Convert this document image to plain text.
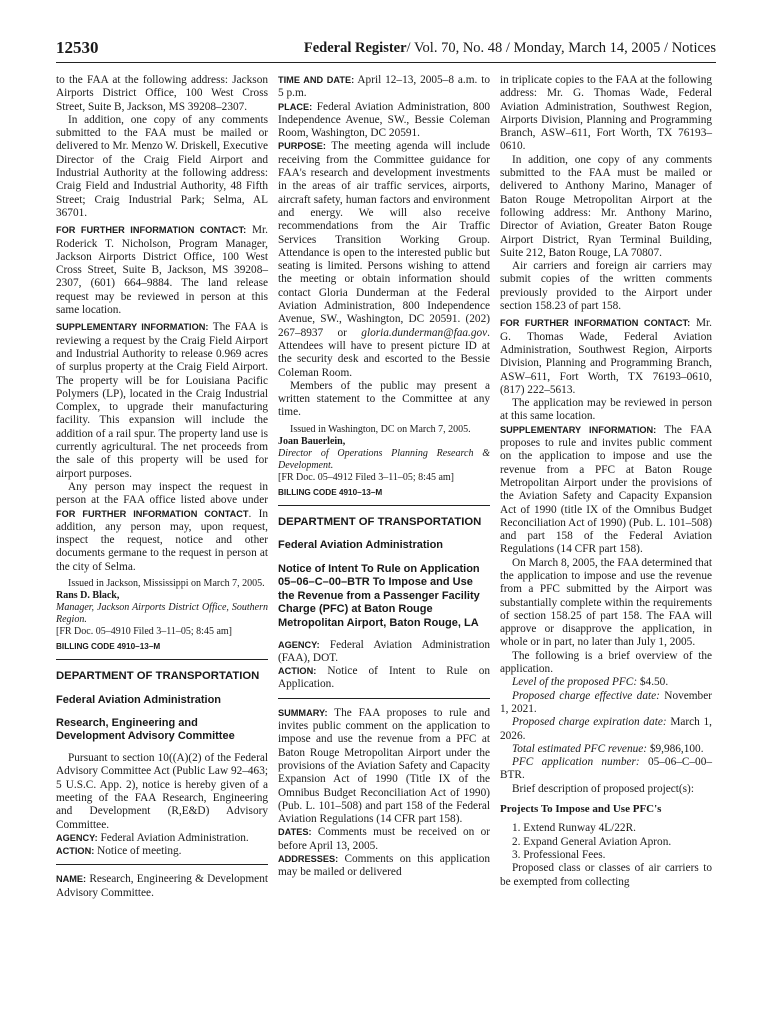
12530	Federal Register/ Vol. 70, No. 48 / Monday, March 14, 2005 / Notices

to the FAA at the following address: Jackson Airports District Office, 100 West Cross Street, Suite B, Jackson, MS 39208–2307.

In addition, one copy of any comments submitted to the FAA must be mailed or delivered to Mr. Menzo W. Driskell, Executive Director of the Craig Field Airport and Industrial Authority at the following address: Craig Field and Industrial Authority, 48 Fifth Street; Craig Industrial Park; Selma, AL 36701.

FOR FURTHER INFORMATION CONTACT: Mr. Roderick T. Nicholson, Program Manager, Jackson Airports District Office, 100 West Cross Street, Suite B, Jackson, MS 39208–2307, (601) 664–9884. The land release request may be reviewed in person at this same location.

SUPPLEMENTARY INFORMATION: The FAA is reviewing a request by the Craig Field Airport and Industrial Authority to release 0.969 acres of surplus property at the Craig Field Airport. The property will be for Louisiana Pacific Polymers (LP), located in the Craig Industrial Complex, to upgrade their manufacturing facility. This expansion will include the addition of a rail spur. The property land use is currently agricultural. The net proceeds from the sale of this property will be used for airport purposes.

Any person may inspect the request in person at the FAA office listed above under FOR FURTHER INFORMATION CONTACT. In addition, any person may, upon request, inspect the request, notice and other documents germane to the request in person at the city of Selma.

Issued in Jackson, Mississippi on March 7, 2005.

Rans D. Black,

Manager, Jackson Airports District Office, Southern Region.

[FR Doc. 05–4910 Filed 3–11–05; 8:45 am]

BILLING CODE 4910–13–M

DEPARTMENT OF TRANSPORTATION

Federal Aviation Administration

Research, Engineering and Development Advisory Committee

Pursuant to section 10((A)(2) of the Federal Advisory Committee Act (Public Law 92–463; 5 U.S.C. App. 2), notice is hereby given of a meeting of the FAA Research, Engineering and Development (R,E&D) Advisory Committee.

AGENCY: Federal Aviation Administration.

ACTION: Notice of meeting.

NAME: Research, Engineering & Development Advisory Committee.

TIME AND DATE: April 12–13, 2005–8 a.m. to 5 p.m.

PLACE: Federal Aviation Administration, 800 Independence Avenue, SW., Bessie Coleman Room, Washington, DC 20591.

PURPOSE: The meeting agenda will include receiving from the Committee guidance for FAA's research and development investments in the areas of air traffic services, airports, aircraft safety, human factors and environment and energy. We will also receive recommendations from the Air Traffic Services Transition Working Group. Attendance is open to the interested public but seating is limited. Persons wishing to attend the meeting or obtain information should contact Gloria Dunderman at the Federal Aviation Administration, 800 Independence Avenue, SW., Washington, DC 20591. (202) 267–8937 or gloria.dunderman@faa.gov. Attendees will have to present picture ID at the security desk and escorted to the Bessie Coleman Room.

Members of the public may present a written statement to the Committee at any time.

Issued in Washington, DC on March 7, 2005.

Joan Bauerlein,

Director of Operations Planning Research & Development.

[FR Doc. 05–4912 Filed 3–11–05; 8:45 am]

BILLING CODE 4910–13–M

DEPARTMENT OF TRANSPORTATION

Federal Aviation Administration

Notice of Intent To Rule on Application 05–06–C–00–BTR To Impose and Use the Revenue from a Passenger Facility Charge (PFC) at Baton Rouge Metropolitan Airport, Baton Rouge, LA

AGENCY: Federal Aviation Administration (FAA), DOT.

ACTION: Notice of Intent to Rule on Application.

SUMMARY: The FAA proposes to rule and invites public comment on the application to impose and use the revenue from a PFC at Baton Rouge Metropolitan Airport under the provisions of the Aviation Safety and Capacity Expansion Act of 1990 (Title IX of the Omnibus Budget Reconciliation Act of 1990) (Pub. L. 101–508) and part 158 of the Federal Aviation Regulations (14 CFR part 158).

DATES: Comments must be received on or before April 13, 2005.

ADDRESSES: Comments on this application may be mailed or delivered

in triplicate copies to the FAA at the following address: Mr. G. Thomas Wade, Federal Aviation Administration, Southwest Region, Airports Division, Planning and Programming Branch, ASW–611, Fort Worth, TX 76193–0610.

In addition, one copy of any comments submitted to the FAA must be mailed or delivered to Anthony Marino, Manager of Baton Rouge Metropolitan Airport at the following address: Mr. Anthony Marino, Director of Aviation, Greater Baton Rouge Airport District, Ryan Terminal Building, Suite 212, Baton Rouge, LA 70807.

Air carriers and foreign air carriers may submit copies of the written comments previously provided to the Airport under section 158.23 of part 158.

FOR FURTHER INFORMATION CONTACT: Mr. G. Thomas Wade, Federal Aviation Administration, Southwest Region, Airports Division, Planning and Programming Branch, ASW–611, Fort Worth, TX 76193–0610, (817) 222–5613.

The application may be reviewed in person at this same location.

SUPPLEMENTARY INFORMATION: The FAA proposes to rule and invites public comment on the application to impose and use the revenue from a PFC at Baton Rouge Metropolitan Airport under the provisions of the Aviation Safety and Capacity Expansion Act of 1990 (title IX of the Omnibus Budget Reconciliation Act of 1990) (Pub. L. 101–508) and part 158 of the Federal Aviation Regulations (14 CFR part 158).

On March 8, 2005, the FAA determined that the application to impose and use the revenue from a PFC submitted by the Airport was substantially complete within the requirements of section 158.25 of part 158. The FAA will approve or disapprove the application, in whole or in part, no later than July 1, 2005.

The following is a brief overview of the application.

Level of the proposed PFC: $4.50.

Proposed charge effective date: November 1, 2021.

Proposed charge expiration date: March 1, 2026.

Total estimated PFC revenue: $9,986,100.

PFC application number: 05–06–C–00–BTR.

Brief description of proposed project(s):

Projects To Impose and Use PFC's

1. Extend Runway 4L/22R.

2. Expand General Aviation Apron.

3. Professional Fees.

Proposed class or classes of air carriers to be exempted from collecting
